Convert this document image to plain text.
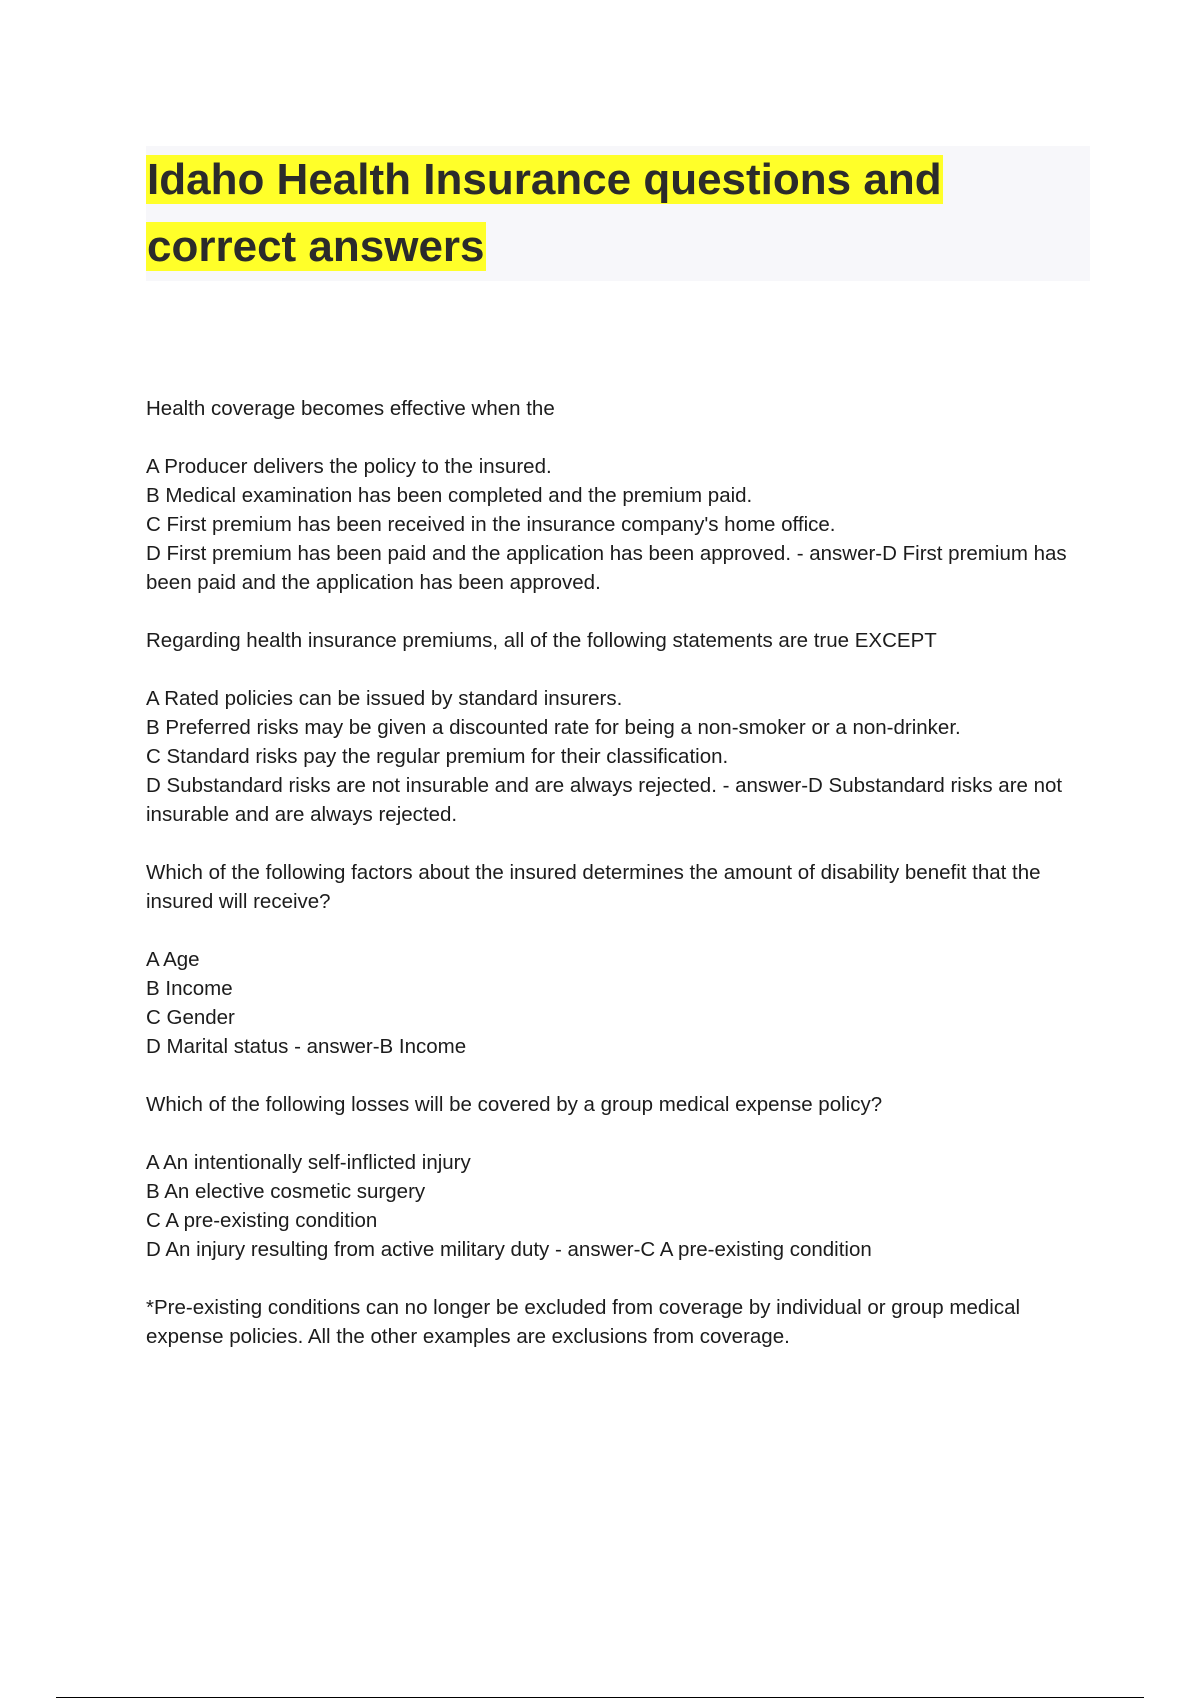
Idaho Health Insurance questions and correct answers

Health coverage becomes effective when the

A Producer delivers the policy to the insured.

B Medical examination has been completed and the premium paid.

C First premium has been received in the insurance company's home office.

D First premium has been paid and the application has been approved. - answer-D First premium has been paid and the application has been approved.

Regarding health insurance premiums, all of the following statements are true EXCEPT

A Rated policies can be issued by standard insurers.

B Preferred risks may be given a discounted rate for being a non-smoker or a non-drinker.

C Standard risks pay the regular premium for their classification.

D Substandard risks are not insurable and are always rejected. - answer-D Substandard risks are not insurable and are always rejected.

Which of the following factors about the insured determines the amount of disability benefit that the insured will receive?

A Age

B Income

C Gender

D Marital status - answer-B Income

Which of the following losses will be covered by a group medical expense policy?

A An intentionally self-inflicted injury

B An elective cosmetic surgery

C A pre-existing condition

D An injury resulting from active military duty - answer-C A pre-existing condition

*Pre-existing conditions can no longer be excluded from coverage by individual or group medical expense policies. All the other examples are exclusions from coverage.
